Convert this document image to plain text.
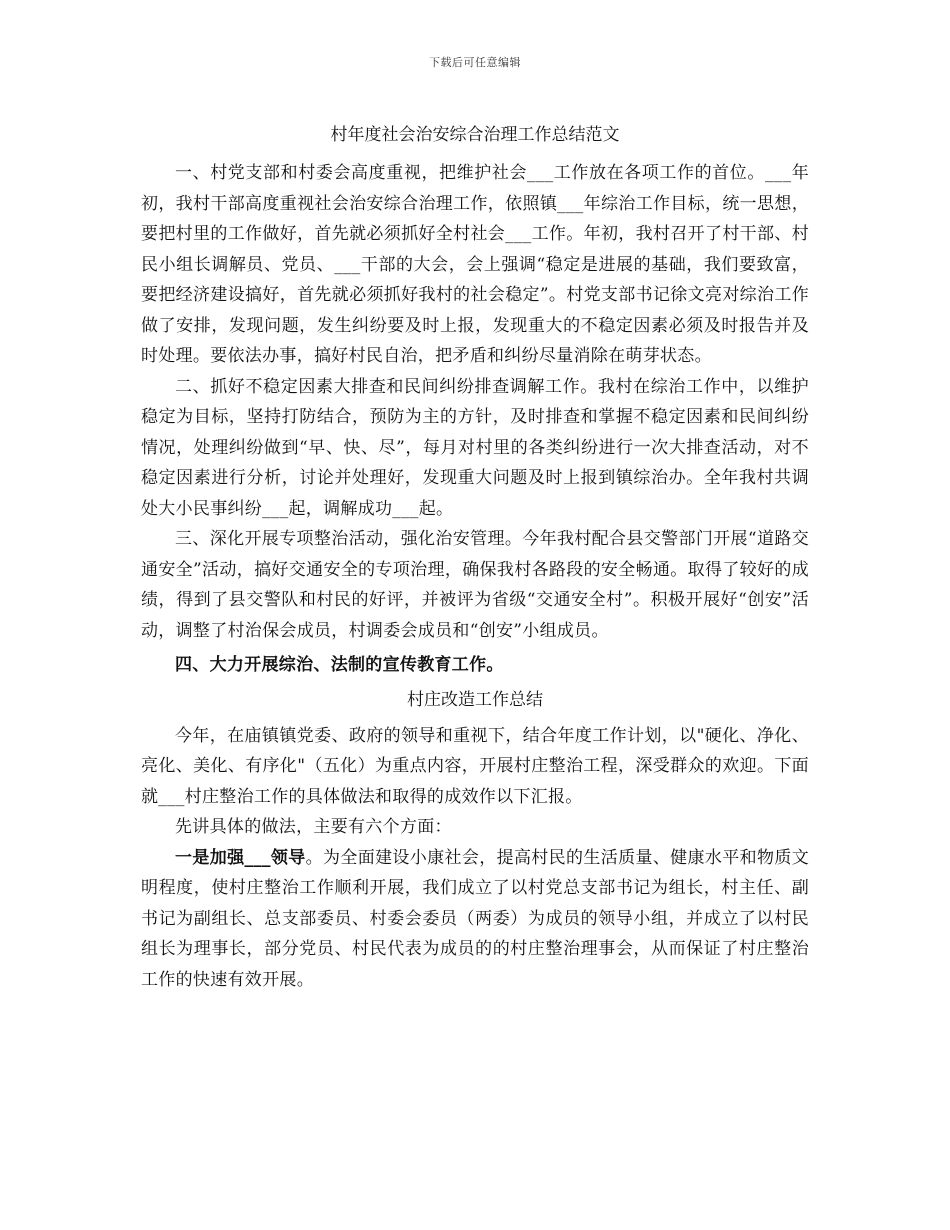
下载后可任意编辑
村年度社会治安综合治理工作总结范文

一、村党支部和村委会高度重视，把维护社会___工作放在各项工作的首位。___年初，我村干部高度重视社会治安综合治理工作，依照镇___年综治工作目标，统一思想，要把村里的工作做好，首先就必须抓好全村社会___工作。年初，我村召开了村干部、村民小组长调解员、党员、___干部的大会，会上强调“稳定是进展的基础，我们要致富，要把经济建设搞好，首先就必须抓好我村的社会稳定”。村党支部书记徐文亮对综治工作做了安排，发现问题，发生纠纷要及时上报，发现重大的不稳定因素必须及时报告并及时处理。要依法办事，搞好村民自治，把矛盾和纠纷尽量消除在萌芽状态。

二、抓好不稳定因素大排查和民间纠纷排查调解工作。我村在综治工作中，以维护稳定为目标，坚持打防结合，预防为主的方针，及时排查和掌握不稳定因素和民间纠纷情况，处理纠纷做到“早、快、尽”，每月对村里的各类纠纷进行一次大排查活动，对不稳定因素进行分析，讨论并处理好，发现重大问题及时上报到镇综治办。全年我村共调处大小民事纠纷___起，调解成功___起。

三、深化开展专项整治活动，强化治安管理。今年我村配合县交警部门开展“道路交通安全”活动，搞好交通安全的专项治理，确保我村各路段的安全畅通。取得了较好的成绩，得到了县交警队和村民的好评，并被评为省级“交通安全村”。积极开展好“创安”活动，调整了村治保会成员，村调委会成员和“创安”小组成员。

四、大力开展综治、法制的宣传教育工作。

村庄改造工作总结

今年，在庙镇镇党委、政府的领导和重视下，结合年度工作计划，以"硬化、净化、亮化、美化、有序化"（五化）为重点内容，开展村庄整治工程，深受群众的欢迎。下面就___村庄整治工作的具体做法和取得的成效作以下汇报。

先讲具体的做法，主要有六个方面：

一是加强___领导。为全面建设小康社会，提高村民的生活质量、健康水平和物质文明程度，使村庄整治工作顺利开展，我们成立了以村党总支部书记为组长，村主任、副书记为副组长、总支部委员、村委会委员（两委）为成员的领导小组，并成立了以村民组长为理事长，部分党员、村民代表为成员的的村庄整治理事会，从而保证了村庄整治工作的快速有效开展。
